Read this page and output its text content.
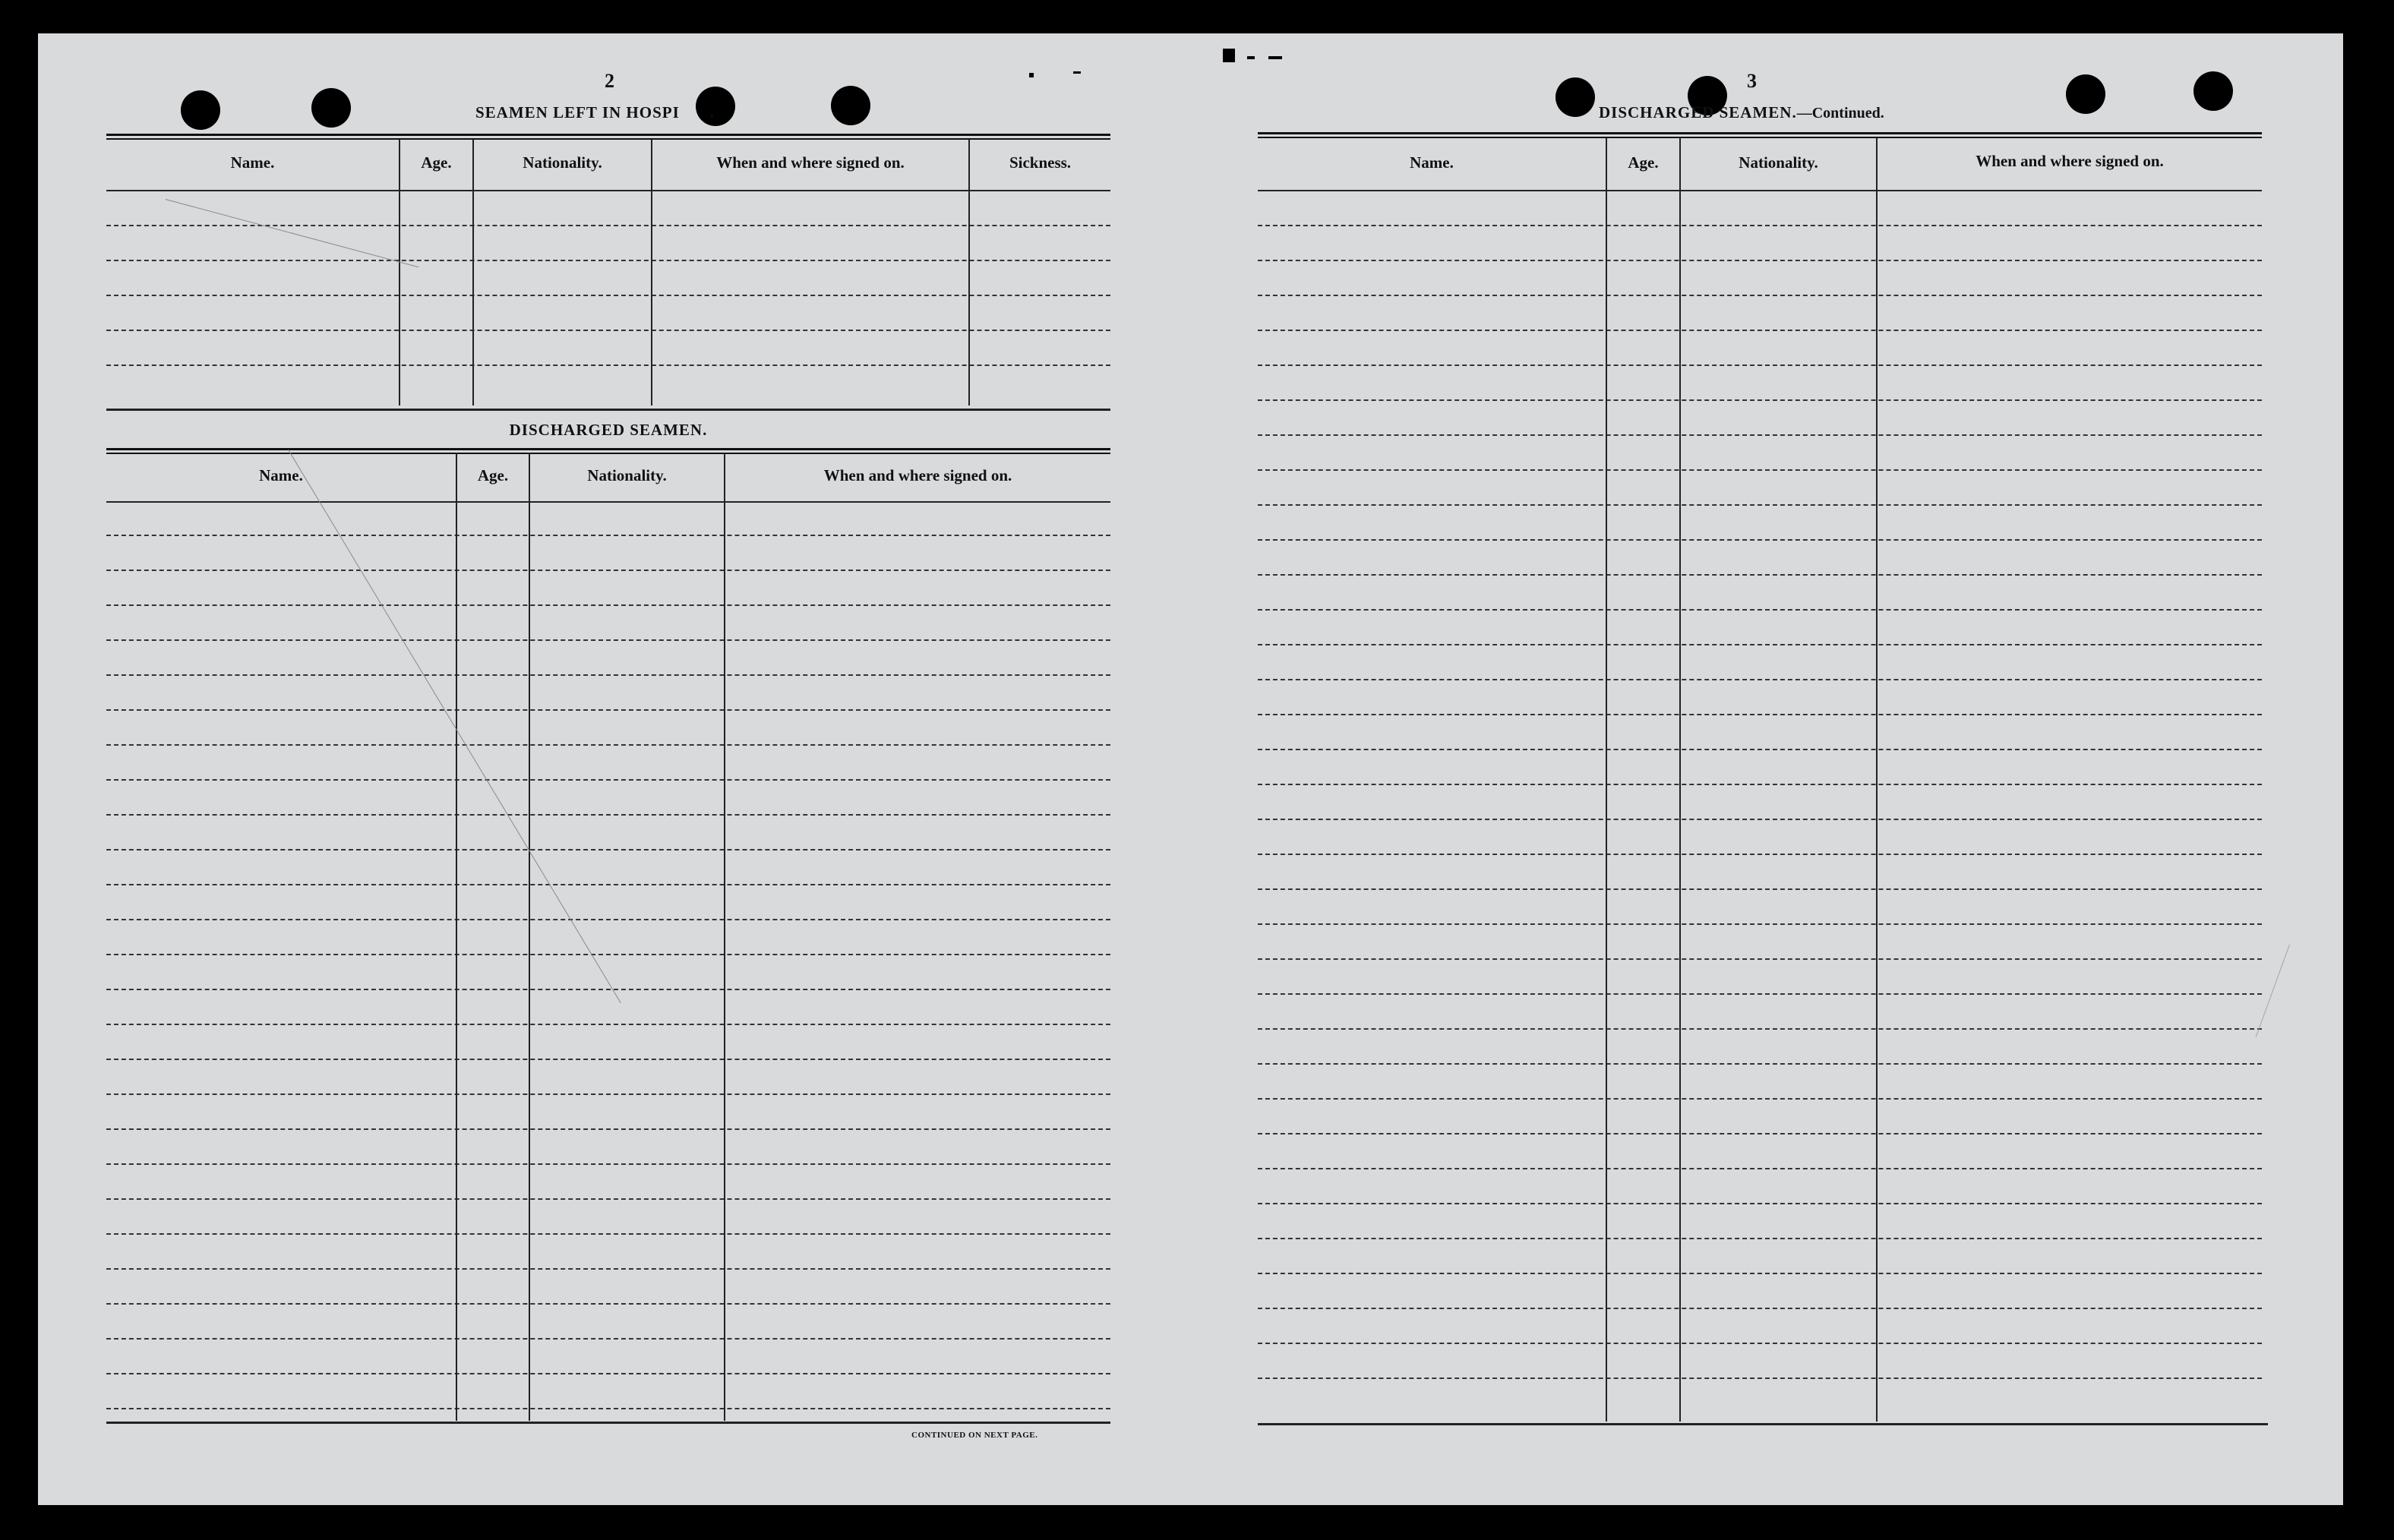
2
SEAMEN LEFT IN HOSPI .
Name.	Age.	Nationality.	When and where signed on.	Sickness.
DISCHARGED SEAMEN.
Name.	Age.	Nationality.	When and where signed on.
CONTINUED ON NEXT PAGE.
3
DISCHARGED SEAMEN.—Continued.
Name.	Age.	Nationality.	When and where signed on.
